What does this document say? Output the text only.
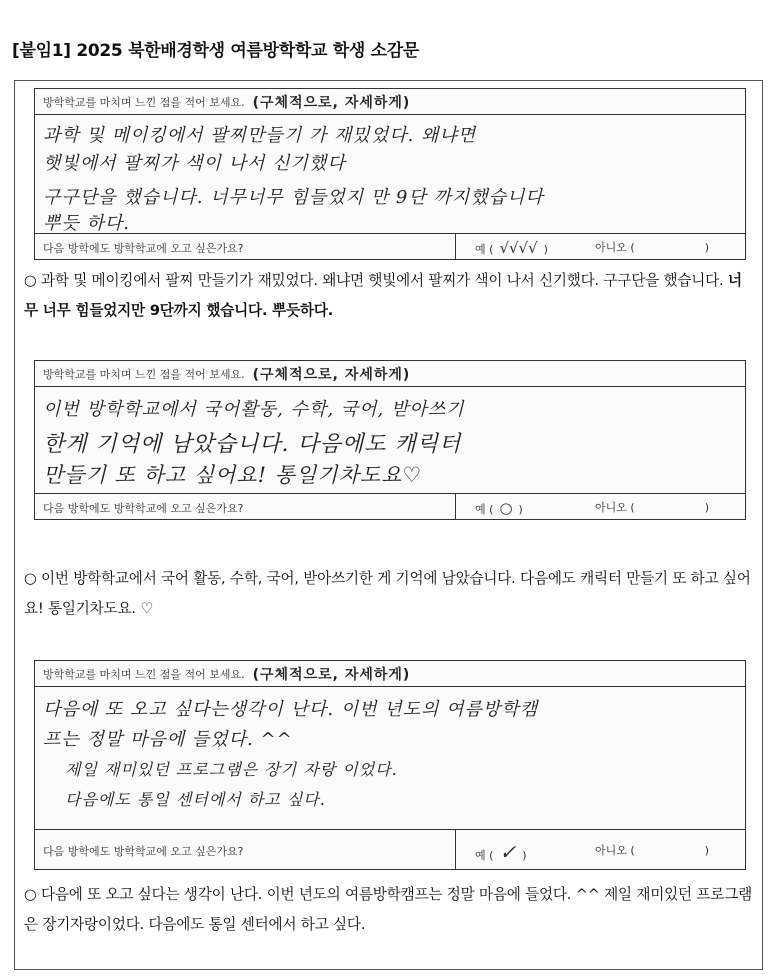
[붙임1] 2025 북한배경학생 여름방학학교 학생 소감문
방학학교를 마치며 느낀 점을 적어 보세요. (구체적으로, 자세하게)
과학 및 메이킹에서 팔찌만들기 가 재밌었다. 왜냐면
햇빛에서 팔찌가 색이 나서 신기했다
구구단을 했습니다. 너무너무 힘들었지 만 9단 까지했습니다
뿌듯 하다.
다음 방학에도 방학학교에 오고 싶은가요?	예 ( √√√√ )	아니오 (	)
○ 과학 및 메이킹에서 팔찌 만들기가 재밌었다. 왜냐면 햇빛에서 팔찌가 색이 나서 신기했다. 구구단을 했습니다. 너무 너무 힘들었지만 9단까지 했습니다. 뿌듯하다.
방학학교를 마치며 느낀 점을 적어 보세요. (구체적으로, 자세하게)
이번 방학학교에서 국어활동, 수학, 국어, 받아쓰기
한게 기억에 남았습니다. 다음에도 캐릭터
만들기 또 하고 싶어요! 통일기차도요♡
다음 방학에도 방학학교에 오고 싶은가요?	예 ( ○ )	아니오 (	)
○ 이번 방학학교에서 국어 활동, 수학, 국어, 받아쓰기한 게 기억에 남았습니다. 다음에도 캐릭터 만들기 또 하고 싶어요! 통일기차도요. ♡
방학학교를 마치며 느낀 점을 적어 보세요. (구체적으로, 자세하게)
다음에 또 오고 싶다는생각이 난다. 이번 년도의 여름방학캠
프는 정말 마음에 들었다. ^^
제일 재미있던 프로그램은 장기 자랑 이었다.
다음에도 통일 센터에서 하고 싶다.
다음 방학에도 방학학교에 오고 싶은가요?	예 ( ✓ )	아니오 (	)
○ 다음에 또 오고 싶다는 생각이 난다. 이번 년도의 여름방학캠프는 정말 마음에 들었다. ^^ 제일 재미있던 프로그램은 장기자랑이었다. 다음에도 통일 센터에서 하고 싶다.
